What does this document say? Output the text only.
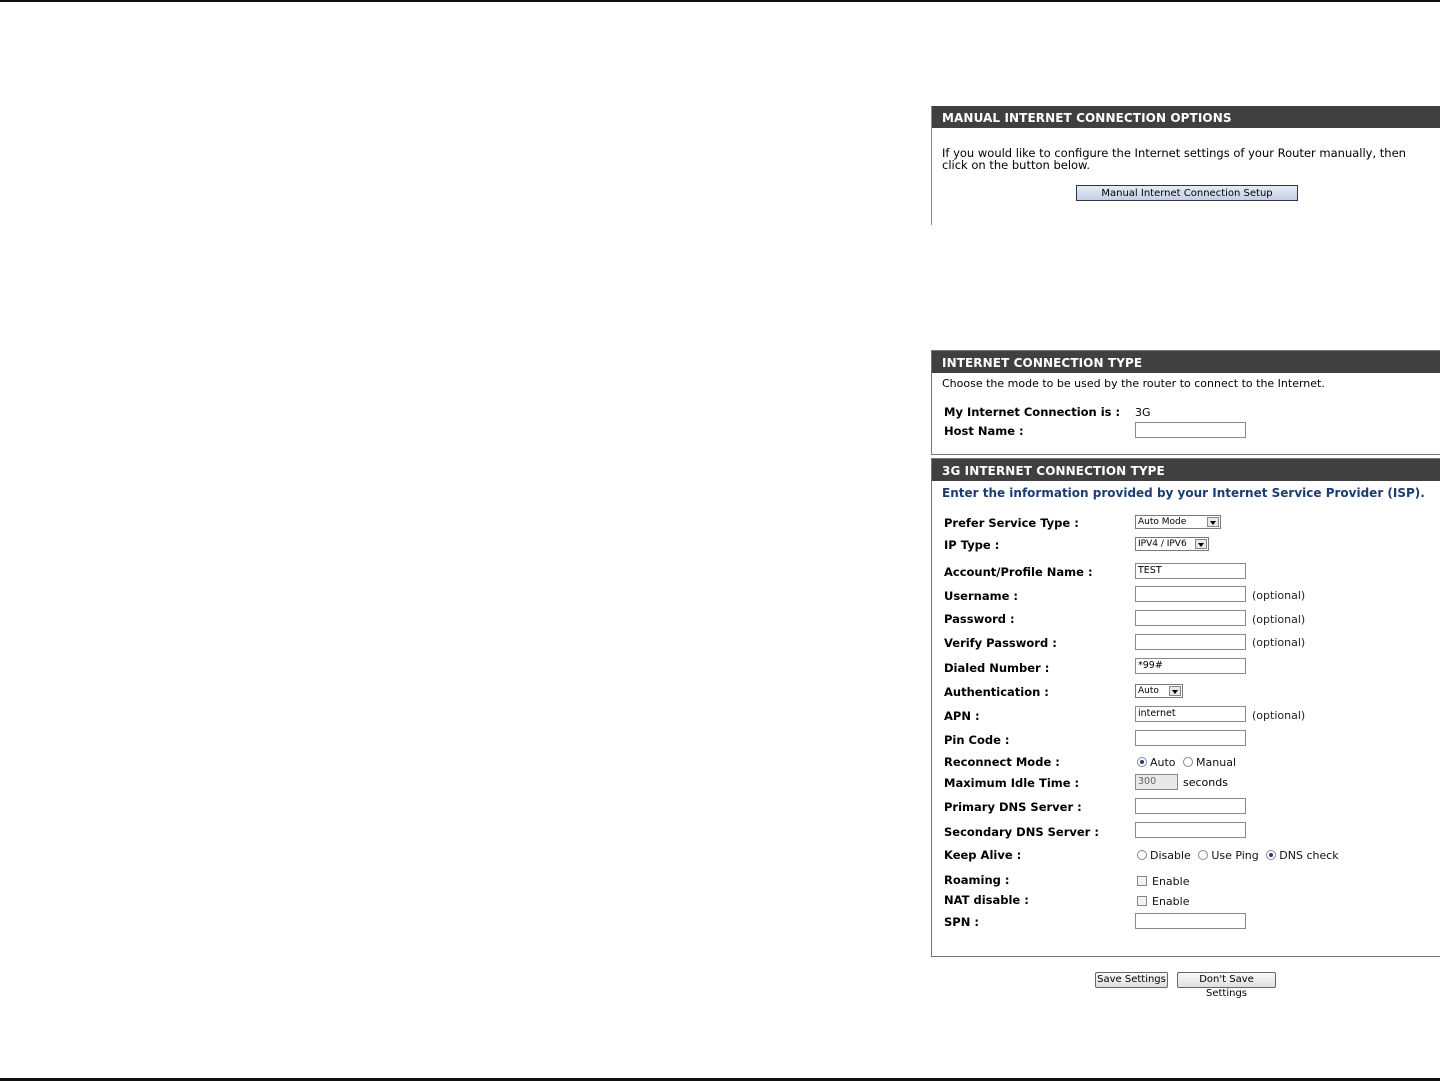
MANUAL INTERNET CONNECTION OPTIONS
If you would like to configure the Internet settings of your Router manually, then click on the button below.
Manual Internet Connection Setup
INTERNET CONNECTION TYPE
Choose the mode to be used by the router to connect to the Internet.
My Internet Connection is : 3G
Host Name :
3G INTERNET CONNECTION TYPE
Enter the information provided by your Internet Service Provider (ISP).
Prefer Service Type :	Auto Mode
IP Type :	IPV4 / IPV6
Account/Profile Name :	TEST
Username :	(optional)
Password :	(optional)
Verify Password :	(optional)
Dialed Number :	*99#
Authentication :	Auto
APN :	internet	(optional)
Pin Code :
Reconnect Mode :	Auto Manual
Maximum Idle Time :	300	seconds
Primary DNS Server :
Secondary DNS Server :
Keep Alive :	Disable Use Ping DNS check
Roaming :	Enable
NAT disable :	Enable
SPN :
Save Settings	Don't Save Settings
